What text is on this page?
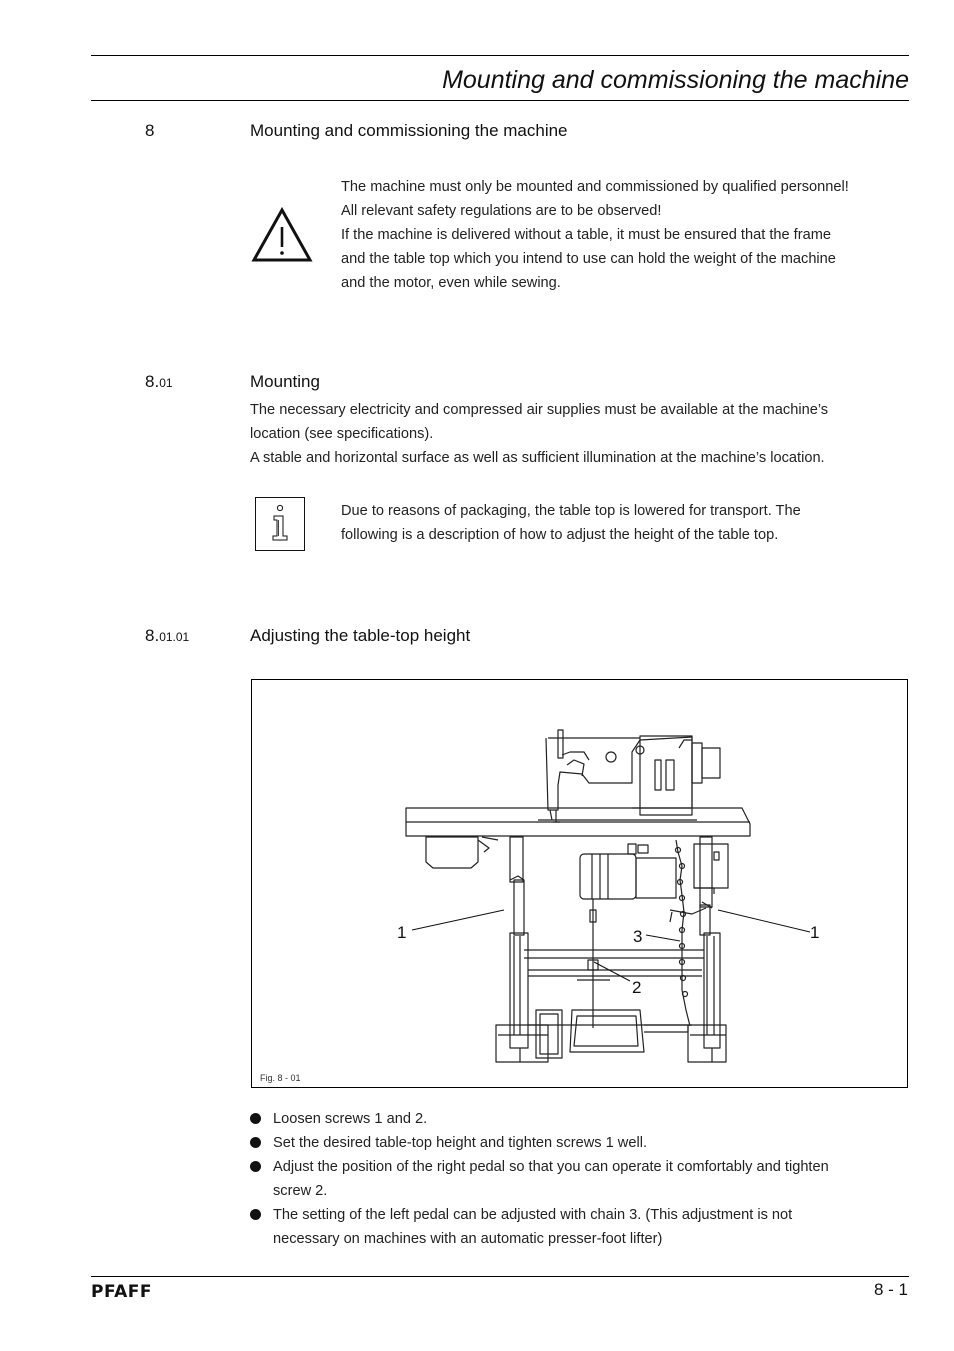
Mounting and commissioning the machine
8	Mounting and commissioning the machine
The machine must only be mounted and commissioned by qualified personnel!
All relevant safety regulations are to be observed!
If the machine is delivered without a table, it must be ensured that the frame
and the table top which you intend to use can hold the weight of the machine
and the motor, even while sewing.
8.01	Mounting
The necessary electricity and compressed air supplies must be available at the machine’s
location (see specifications).
A stable and horizontal surface as well as sufficient illumination at the machine’s location.
Due to reasons of packaging, the table top is lowered for transport. The
following is a description of how to adjust the height of the table top.
8.01.01	Adjusting the table-top height
1	1
3
2
Fig. 8 - 01
Loosen screws 1 and 2.
Set the desired table-top height and tighten screws 1 well.
Adjust the position of the right pedal so that you can operate it comfortably and tighten
screw 2.
The setting of the left pedal can be adjusted with chain 3. (This adjustment is not
necessary on machines with an automatic presser-foot lifter)
PFAFF	8 - 1
